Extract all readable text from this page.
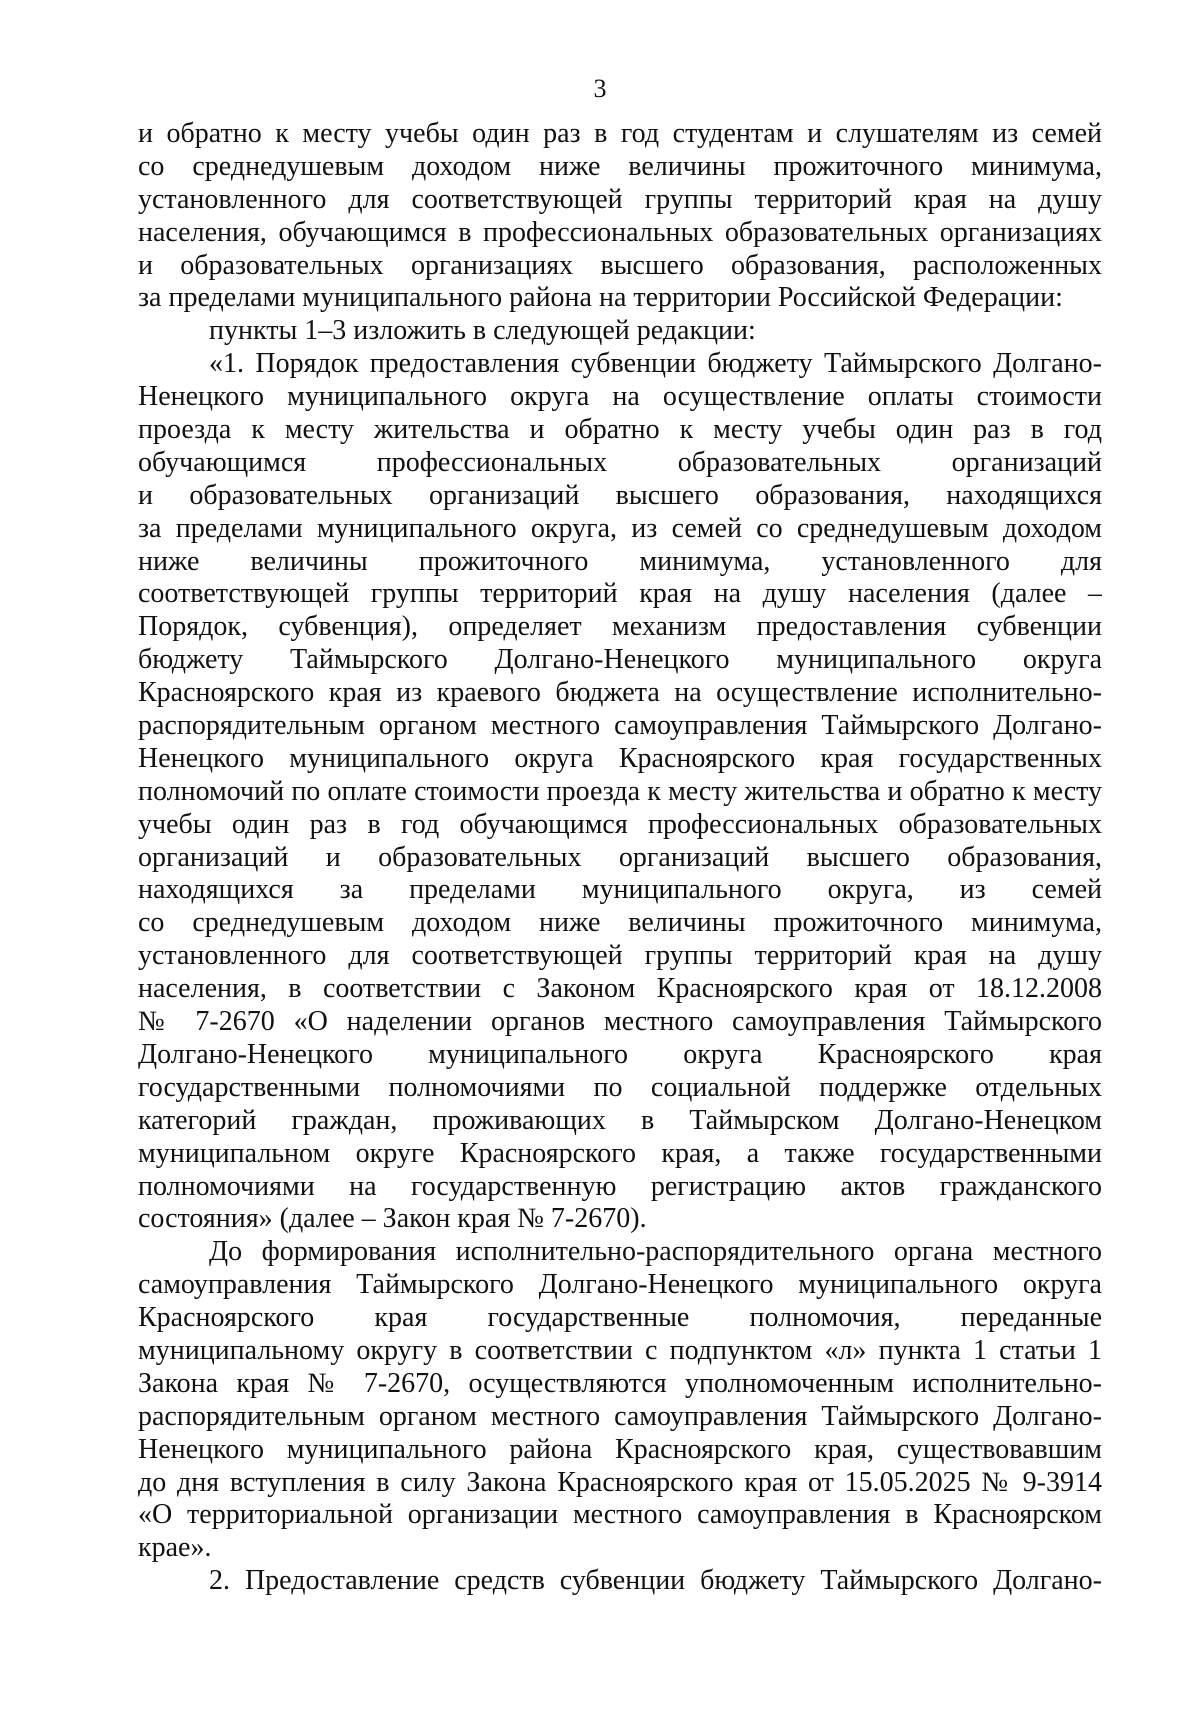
3
и обратно к месту учебы один раз в год студентам и слушателям из семей
со среднедушевым доходом ниже величины прожиточного минимума,
установленного для соответствующей группы территорий края на душу
населения, обучающимся в профессиональных образовательных организациях
и образовательных организациях высшего образования, расположенных
за пределами муниципального района на территории Российской Федерации:
пункты 1–3 изложить в следующей редакции:
«1. Порядок предоставления субвенции бюджету Таймырского Долгано-
Ненецкого муниципального округа на осуществление оплаты стоимости
проезда к месту жительства и обратно к месту учебы один раз в год
обучающимся профессиональных образовательных организаций
и образовательных организаций высшего образования, находящихся
за пределами муниципального округа, из семей со среднедушевым доходом
ниже величины прожиточного минимума, установленного для
соответствующей группы территорий края на душу населения (далее –
Порядок, субвенция), определяет механизм предоставления субвенции
бюджету Таймырского Долгано-Ненецкого муниципального округа
Красноярского края из краевого бюджета на осуществление исполнительно-
распорядительным органом местного самоуправления Таймырского Долгано-
Ненецкого муниципального округа Красноярского края государственных
полномочий по оплате стоимости проезда к месту жительства и обратно к месту
учебы один раз в год обучающимся профессиональных образовательных
организаций и образовательных организаций высшего образования,
находящихся за пределами муниципального округа, из семей
со среднедушевым доходом ниже величины прожиточного минимума,
установленного для соответствующей группы территорий края на душу
населения, в соответствии с Законом Красноярского края от 18.12.2008
№ 7-2670 «О наделении органов местного самоуправления Таймырского
Долгано-Ненецкого муниципального округа Красноярского края
государственными полномочиями по социальной поддержке отдельных
категорий граждан, проживающих в Таймырском Долгано-Ненецком
муниципальном округе Красноярского края, а также государственными
полномочиями на государственную регистрацию актов гражданского
состояния» (далее – Закон края № 7-2670).
До формирования исполнительно-распорядительного органа местного
самоуправления Таймырского Долгано-Ненецкого муниципального округа
Красноярского края государственные полномочия, переданные
муниципальному округу в соответствии с подпунктом «л» пункта 1 статьи 1
Закона края № 7-2670, осуществляются уполномоченным исполнительно-
распорядительным органом местного самоуправления Таймырского Долгано-
Ненецкого муниципального района Красноярского края, существовавшим
до дня вступления в силу Закона Красноярского края от 15.05.2025 № 9-3914
«О территориальной организации местного самоуправления в Красноярском
крае».
2. Предоставление средств субвенции бюджету Таймырского Долгано-
